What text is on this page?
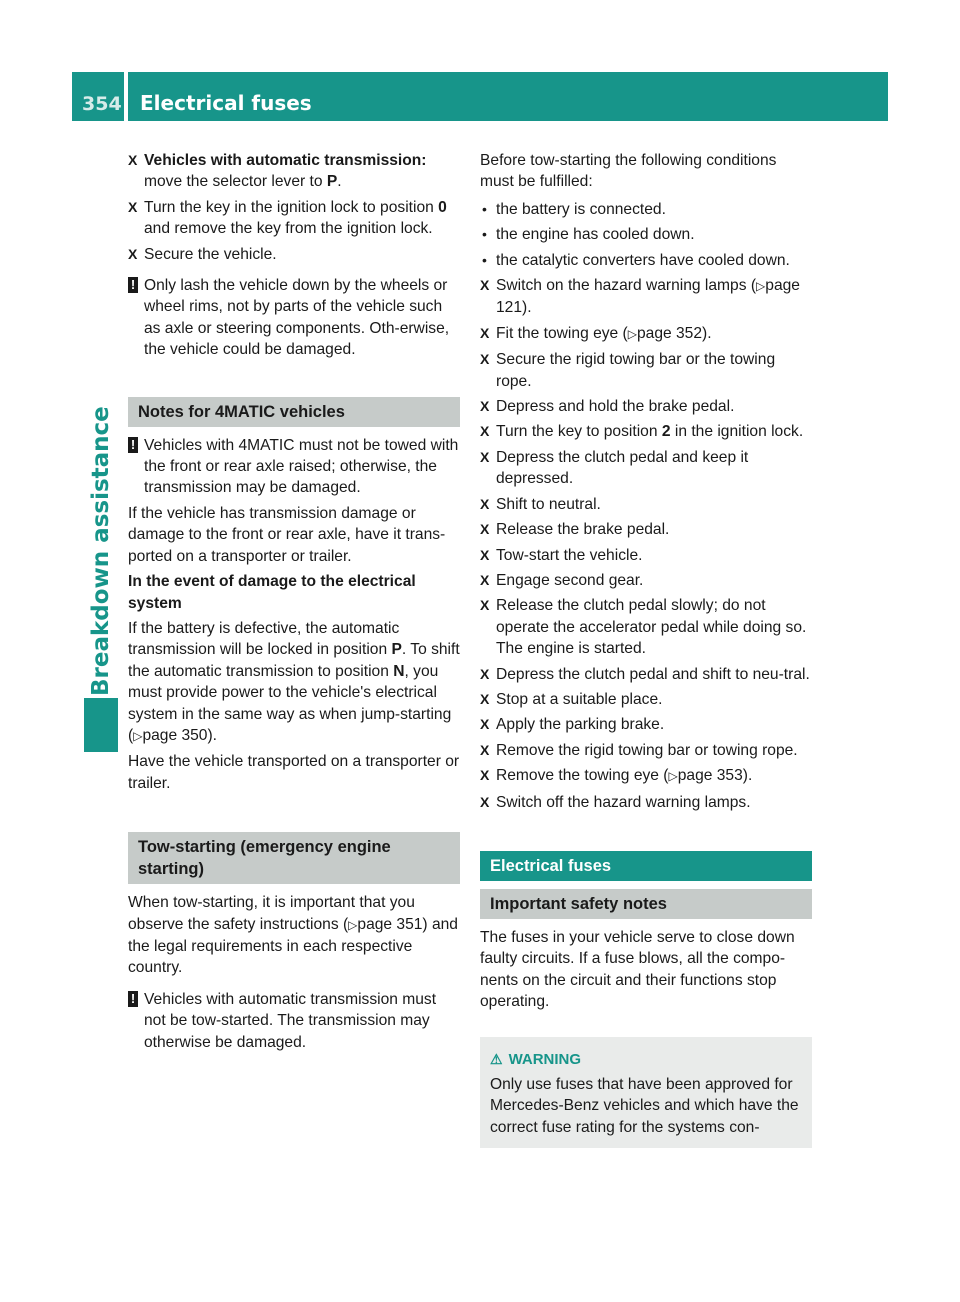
354 Electrical fuses
Breakdown assistance
X Vehicles with automatic transmission: move the selector lever to P.
X Turn the key in the ignition lock to position 0 and remove the key from the ignition lock.
X Secure the vehicle.
! Only lash the vehicle down by the wheels or wheel rims, not by parts of the vehicle such as axle or steering components. Oth-erwise, the vehicle could be damaged.
Notes for 4MATIC vehicles
! Vehicles with 4MATIC must not be towed with the front or rear axle raised; otherwise, the transmission may be damaged.
If the vehicle has transmission damage or damage to the front or rear axle, have it trans-ported on a transporter or trailer.
In the event of damage to the electrical system
If the battery is defective, the automatic transmission will be locked in position P. To shift the automatic transmission to position N, you must provide power to the vehicle's electrical system in the same way as when jump-starting (▷page 350).
Have the vehicle transported on a transporter or trailer.
Tow-starting (emergency engine starting)
When tow-starting, it is important that you observe the safety instructions (▷page 351) and the legal requirements in each respective country.
! Vehicles with automatic transmission must not be tow-started. The transmission may otherwise be damaged.
Before tow-starting the following conditions must be fulfilled:
• the battery is connected.
• the engine has cooled down.
• the catalytic converters have cooled down.
X Switch on the hazard warning lamps (▷page 121).
X Fit the towing eye (▷page 352).
X Secure the rigid towing bar or the towing rope.
X Depress and hold the brake pedal.
X Turn the key to position 2 in the ignition lock.
X Depress the clutch pedal and keep it depressed.
X Shift to neutral.
X Release the brake pedal.
X Tow-start the vehicle.
X Engage second gear.
X Release the clutch pedal slowly; do not operate the accelerator pedal while doing so.
The engine is started.
X Depress the clutch pedal and shift to neu-tral.
X Stop at a suitable place.
X Apply the parking brake.
X Remove the rigid towing bar or towing rope.
X Remove the towing eye (▷page 353).
X Switch off the hazard warning lamps.
Electrical fuses
Important safety notes
The fuses in your vehicle serve to close down faulty circuits. If a fuse blows, all the compo-nents on the circuit and their functions stop operating.
⚠ WARNING
Only use fuses that have been approved for Mercedes-Benz vehicles and which have the correct fuse rating for the systems con-
